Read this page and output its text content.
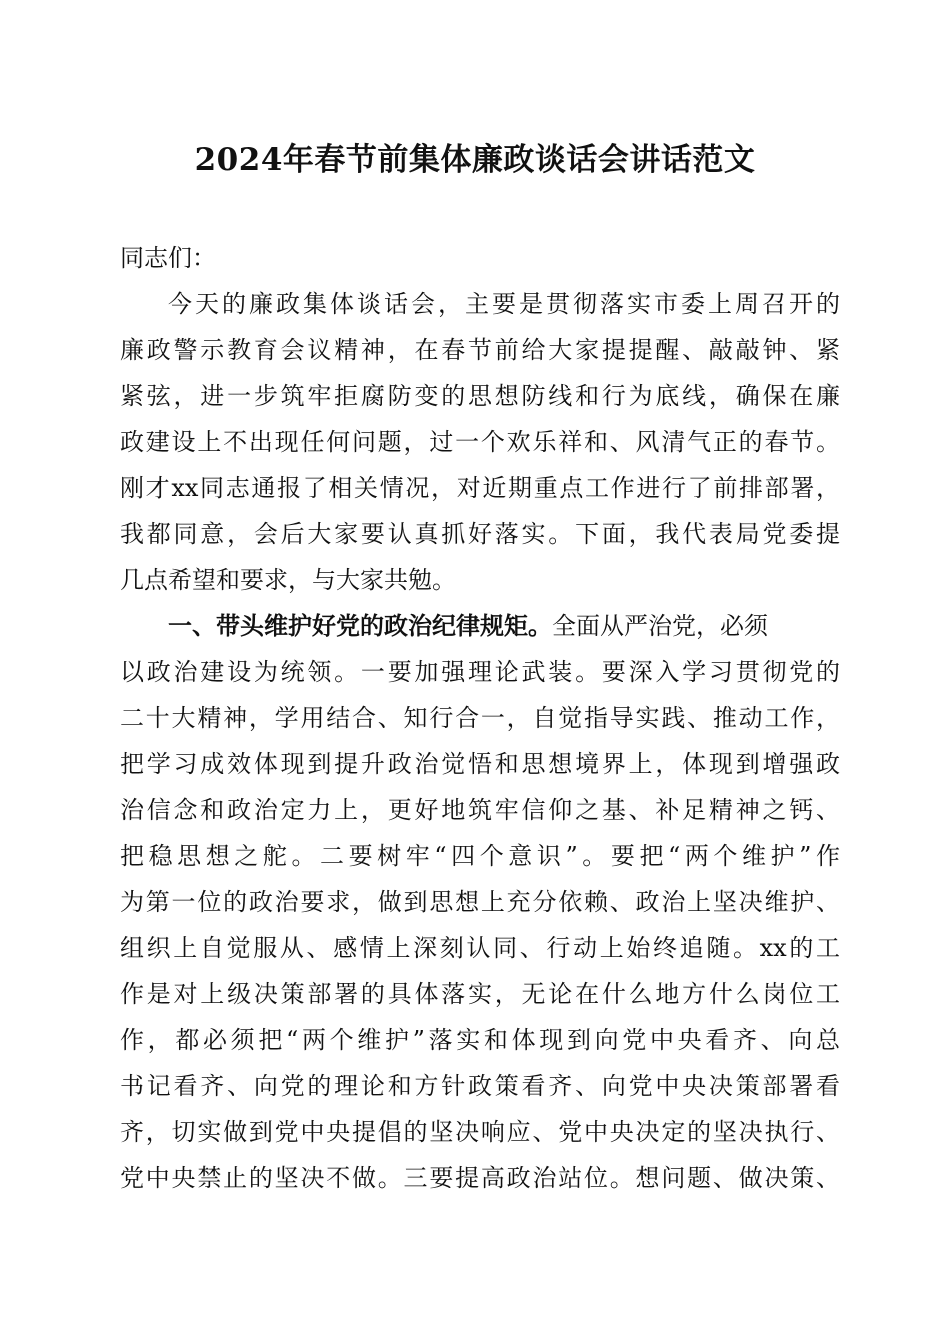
2024年春节前集体廉政谈话会讲话范文
同志们：
今天的廉政集体谈话会，主要是贯彻落实市委上周召开的
廉政警示教育会议精神，在春节前给大家提提醒、敲敲钟、紧
紧弦，进一步筑牢拒腐防变的思想防线和行为底线，确保在廉
政建设上不出现任何问题，过一个欢乐祥和、风清气正的春节。
刚才xx同志通报了相关情况，对近期重点工作进行了前排部署，
我都同意，会后大家要认真抓好落实。下面，我代表局党委提
几点希望和要求，与大家共勉。
一、带头维护好党的政治纪律规矩。全面从严治党，必须
以政治建设为统领。一要加强理论武装。要深入学习贯彻党的
二十大精神，学用结合、知行合一，自觉指导实践、推动工作，
把学习成效体现到提升政治觉悟和思想境界上，体现到增强政
治信念和政治定力上，更好地筑牢信仰之基、补足精神之钙、
把稳思想之舵。二要树牢“四个意识”。要把“两个维护”作
为第一位的政治要求，做到思想上充分依赖、政治上坚决维护、
组织上自觉服从、感情上深刻认同、行动上始终追随。xx的工
作是对上级决策部署的具体落实，无论在什么地方什么岗位工
作，都必须把“两个维护”落实和体现到向党中央看齐、向总
书记看齐、向党的理论和方针政策看齐、向党中央决策部署看
齐，切实做到党中央提倡的坚决响应、党中央决定的坚决执行、
党中央禁止的坚决不做。三要提高政治站位。想问题、做决策、
